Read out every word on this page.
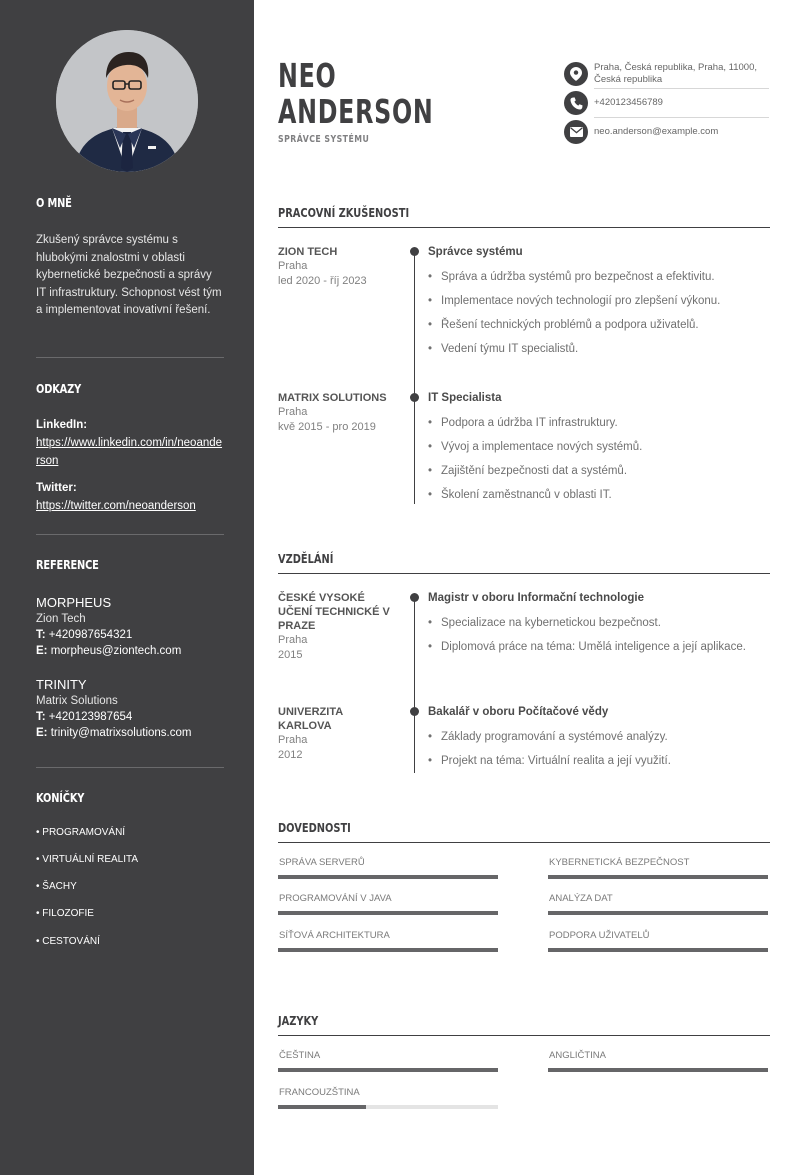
O MNĚ
Zkušený správce systému s hlubokými znalostmi v oblasti kybernetické bezpečnosti a správy IT infrastruktury. Schopnost vést tým a implementovat inovativní řešení.
ODKAZY
LinkedIn:
https://www.linkedin.com/in/neoanderson
Twitter:
https://twitter.com/neoanderson
REFERENCE
MORPHEUS
Zion Tech
T: +420987654321
E: morpheus@ziontech.com
TRINITY
Matrix Solutions
T: +420123987654
E: trinity@matrixsolutions.com
KONÍČKY
• PROGRAMOVÁNÍ
• VIRTUÁLNÍ REALITA
• ŠACHY
• FILOZOFIE
• CESTOVÁNÍ
NEO
ANDERSON
SPRÁVCE SYSTÉMU
Praha, Česká republika, Praha, 11000, Česká republika
+420123456789
neo.anderson@example.com
PRACOVNÍ ZKUŠENOSTI
ZION TECH
Praha
led 2020 - říj 2023
Správce systému
• Správa a údržba systémů pro bezpečnost a efektivitu.
• Implementace nových technologií pro zlepšení výkonu.
• Řešení technických problémů a podpora uživatelů.
• Vedení týmu IT specialistů.
MATRIX SOLUTIONS
Praha
kvě 2015 - pro 2019
IT Specialista
• Podpora a údržba IT infrastruktury.
• Vývoj a implementace nových systémů.
• Zajištění bezpečnosti dat a systémů.
• Školení zaměstnanců v oblasti IT.
VZDĚLÁNÍ
ČESKÉ VYSOKÉ UČENÍ TECHNICKÉ V PRAZE
Praha
2015
Magistr v oboru Informační technologie
• Specializace na kybernetickou bezpečnost.
• Diplomová práce na téma: Umělá inteligence a její aplikace.
UNIVERZITA KARLOVA
Praha
2012
Bakalář v oboru Počítačové vědy
• Základy programování a systémové analýzy.
• Projekt na téma: Virtuální realita a její využití.
DOVEDNOSTI
SPRÁVA SERVERŮ	KYBERNETICKÁ BEZPEČNOST
PROGRAMOVÁNÍ V JAVA	ANALÝZA DAT
SÍŤOVÁ ARCHITEKTURA	PODPORA UŽIVATELŮ
JAZYKY
ČEŠTINA	ANGLIČTINA
FRANCOUZŠTINA
